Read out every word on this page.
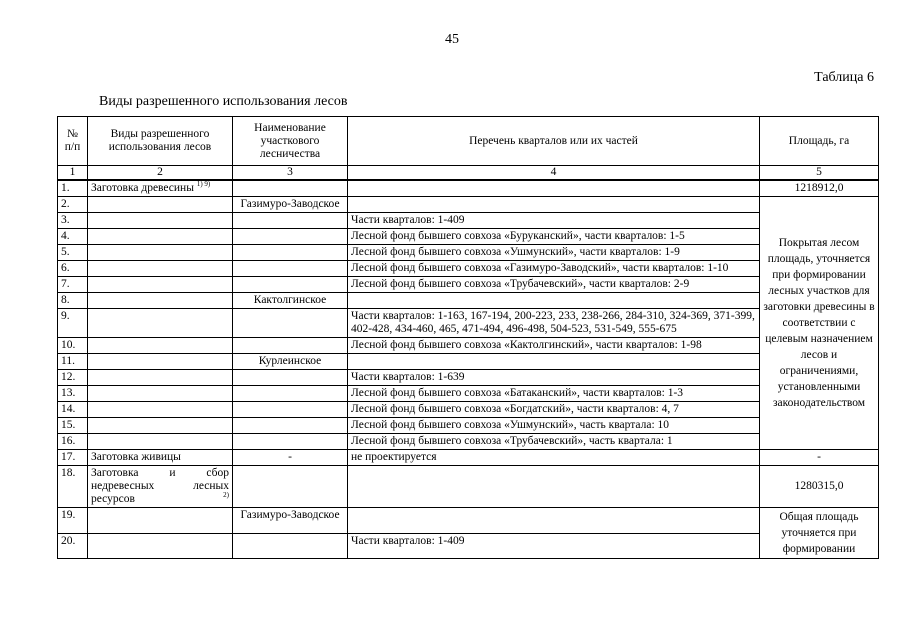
45
Таблица 6
Виды разрешенного использования лесов
№ п/п	Виды разрешенного использования лесов	Наименование участкового лесничества	Перечень кварталов или их частей	Площадь, га
1	2	3	4	5
1.	Заготовка древесины $^{1) 9)}$			1218912,0
2.		Газимуро-Заводское		Покрытая лесом площадь, уточняется при формировании лесных участков для заготовки древесины в соответствии с целевым назначением лесов и ограничениями, установленными законодательством
3.			Части кварталов: 1-409	
4.			Лесной фонд бывшего совхоза «Буруканский», части кварталов: 1-5	
5.			Лесной фонд бывшего совхоза «Ушмунский», части кварталов: 1-9	
6.			Лесной фонд бывшего совхоза «Газимуро-Заводский», части кварталов: 1-10	
7.			Лесной фонд бывшего совхоза «Трубачевский», части кварталов: 2-9	
8.		Кактолгинское		
9.			Части кварталов: 1-163, 167-194, 200-223, 233, 238-266, 284-310, 324-369, 371-399, 402-428, 434-460, 465, 471-494, 496-498, 504-523, 531-549, 555-675	
10.			Лесной фонд бывшего совхоза «Кактолгинский», части кварталов: 1-98	
11.		Курлеинское		
12.			Части кварталов: 1-639	
13.			Лесной фонд бывшего совхоза «Батаканский», части кварталов: 1-3	
14.			Лесной фонд бывшего совхоза «Богдатский», части кварталов: 4, 7	
15.			Лесной фонд бывшего совхоза «Ушмунский», часть квартала: 10	
16.			Лесной фонд бывшего совхоза «Трубачевский», часть квартала: 1	
17.	Заготовка живицы	-	не проектируется	-
18.	Заготовка и сбор недревесных лесных ресурсов $^{2)}$			1280315,0
19.		Газимуро-Заводское		Общая площадь уточняется при формировании
20.			Части кварталов: 1-409	
